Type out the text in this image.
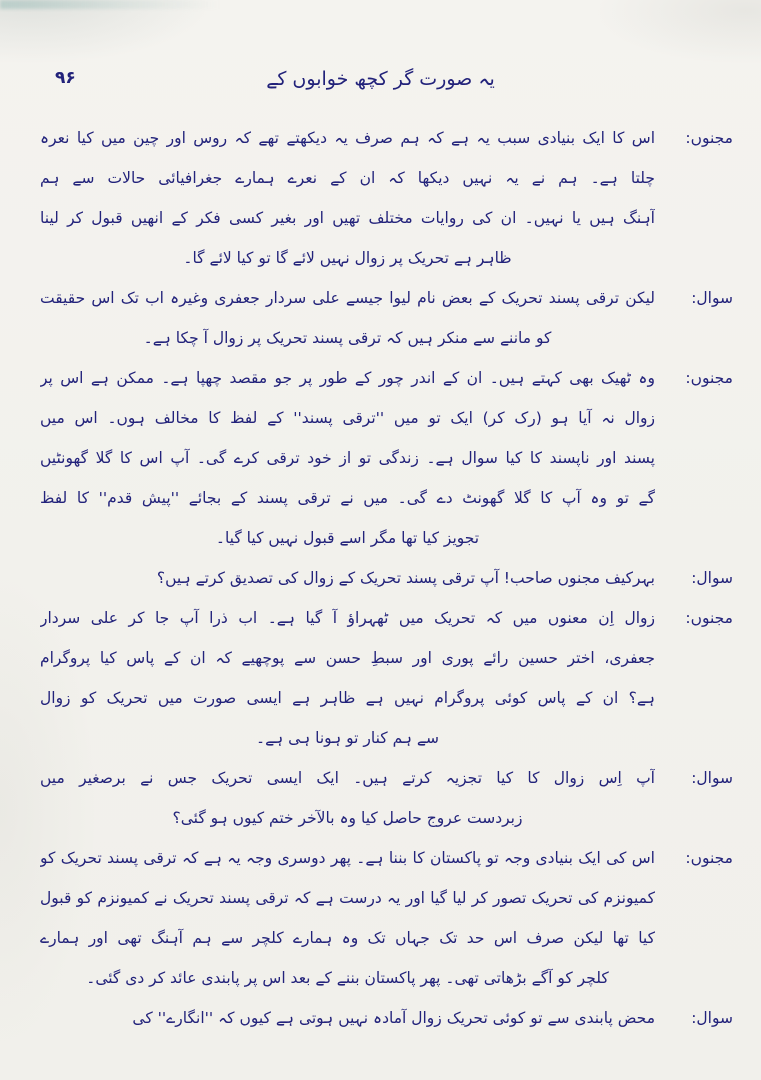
یہ صورت گر کچھ خوابوں کے
۹۶
مجنوں:
اس کا ایک بنیادی سبب یہ ہے کہ ہم صرف یہ دیکھتے تھے کہ روس اور چین میں کیا نعرہ
چلتا ہے۔ ہم نے یہ نہیں دیکھا کہ ان کے نعرے ہمارے جغرافیائی حالات سے ہم
آہنگ ہیں یا نہیں۔ ان کی روایات مختلف تھیں اور بغیر کسی فکر کے انھیں قبول کر لینا
ظاہر ہے تحریک پر زوال نہیں لائے گا تو کیا لائے گا۔
سوال:
لیکن ترقی پسند تحریک کے بعض نام لیوا جیسے علی سردار جعفری وغیرہ اب تک اس حقیقت
کو ماننے سے منکر ہیں کہ ترقی پسند تحریک پر زوال آ چکا ہے۔
مجنوں:
وہ ٹھیک بھی کہتے ہیں۔ ان کے اندر چور کے طور پر جو مقصد چھپا ہے۔ ممکن ہے اس پر
زوال نہ آیا ہو (رک کر) ایک تو میں ''ترقی پسند'' کے لفظ کا مخالف ہوں۔ اس میں
پسند اور ناپسند کا کیا سوال ہے۔ زندگی تو از خود ترقی کرے گی۔ آپ اس کا گلا گھونٹیں
گے تو وہ آپ کا گلا گھونٹ دے گی۔ میں نے ترقی پسند کے بجائے ''پیش قدم'' کا لفظ
تجویز کیا تھا مگر اسے قبول نہیں کیا گیا۔
سوال:
بہرکیف مجنوں صاحب! آپ ترقی پسند تحریک کے زوال کی تصدیق کرتے ہیں؟
مجنوں:
زوال اِن معنوں میں کہ تحریک میں ٹھہراؤ آ گیا ہے۔ اب ذرا آپ جا کر علی سردار
جعفری، اختر حسین رائے پوری اور سبطِ حسن سے پوچھیے کہ ان کے پاس کیا پروگرام
ہے؟ ان کے پاس کوئی پروگرام نہیں ہے ظاہر ہے ایسی صورت میں تحریک کو زوال
سے ہم کنار تو ہونا ہی ہے۔
سوال:
آپ اِس زوال کا کیا تجزیہ کرتے ہیں۔ ایک ایسی تحریک جس نے برصغیر میں
زبردست عروج حاصل کیا وہ بالآخر ختم کیوں ہو گئی؟
مجنوں:
اس کی ایک بنیادی وجہ تو پاکستان کا بننا ہے۔ پھر دوسری وجہ یہ ہے کہ ترقی پسند تحریک کو
کمیونزم کی تحریک تصور کر لیا گیا اور یہ درست ہے کہ ترقی پسند تحریک نے کمیونزم کو قبول
کیا تھا لیکن صرف اس حد تک جہاں تک وہ ہمارے کلچر سے ہم آہنگ تھی اور ہمارے
کلچر کو آگے بڑھاتی تھی۔ پھر پاکستان بننے کے بعد اس پر پابندی عائد کر دی گئی۔
سوال:
محض پابندی سے تو کوئی تحریک زوال آمادہ نہیں ہوتی ہے کیوں کہ ''انگارے'' کی
